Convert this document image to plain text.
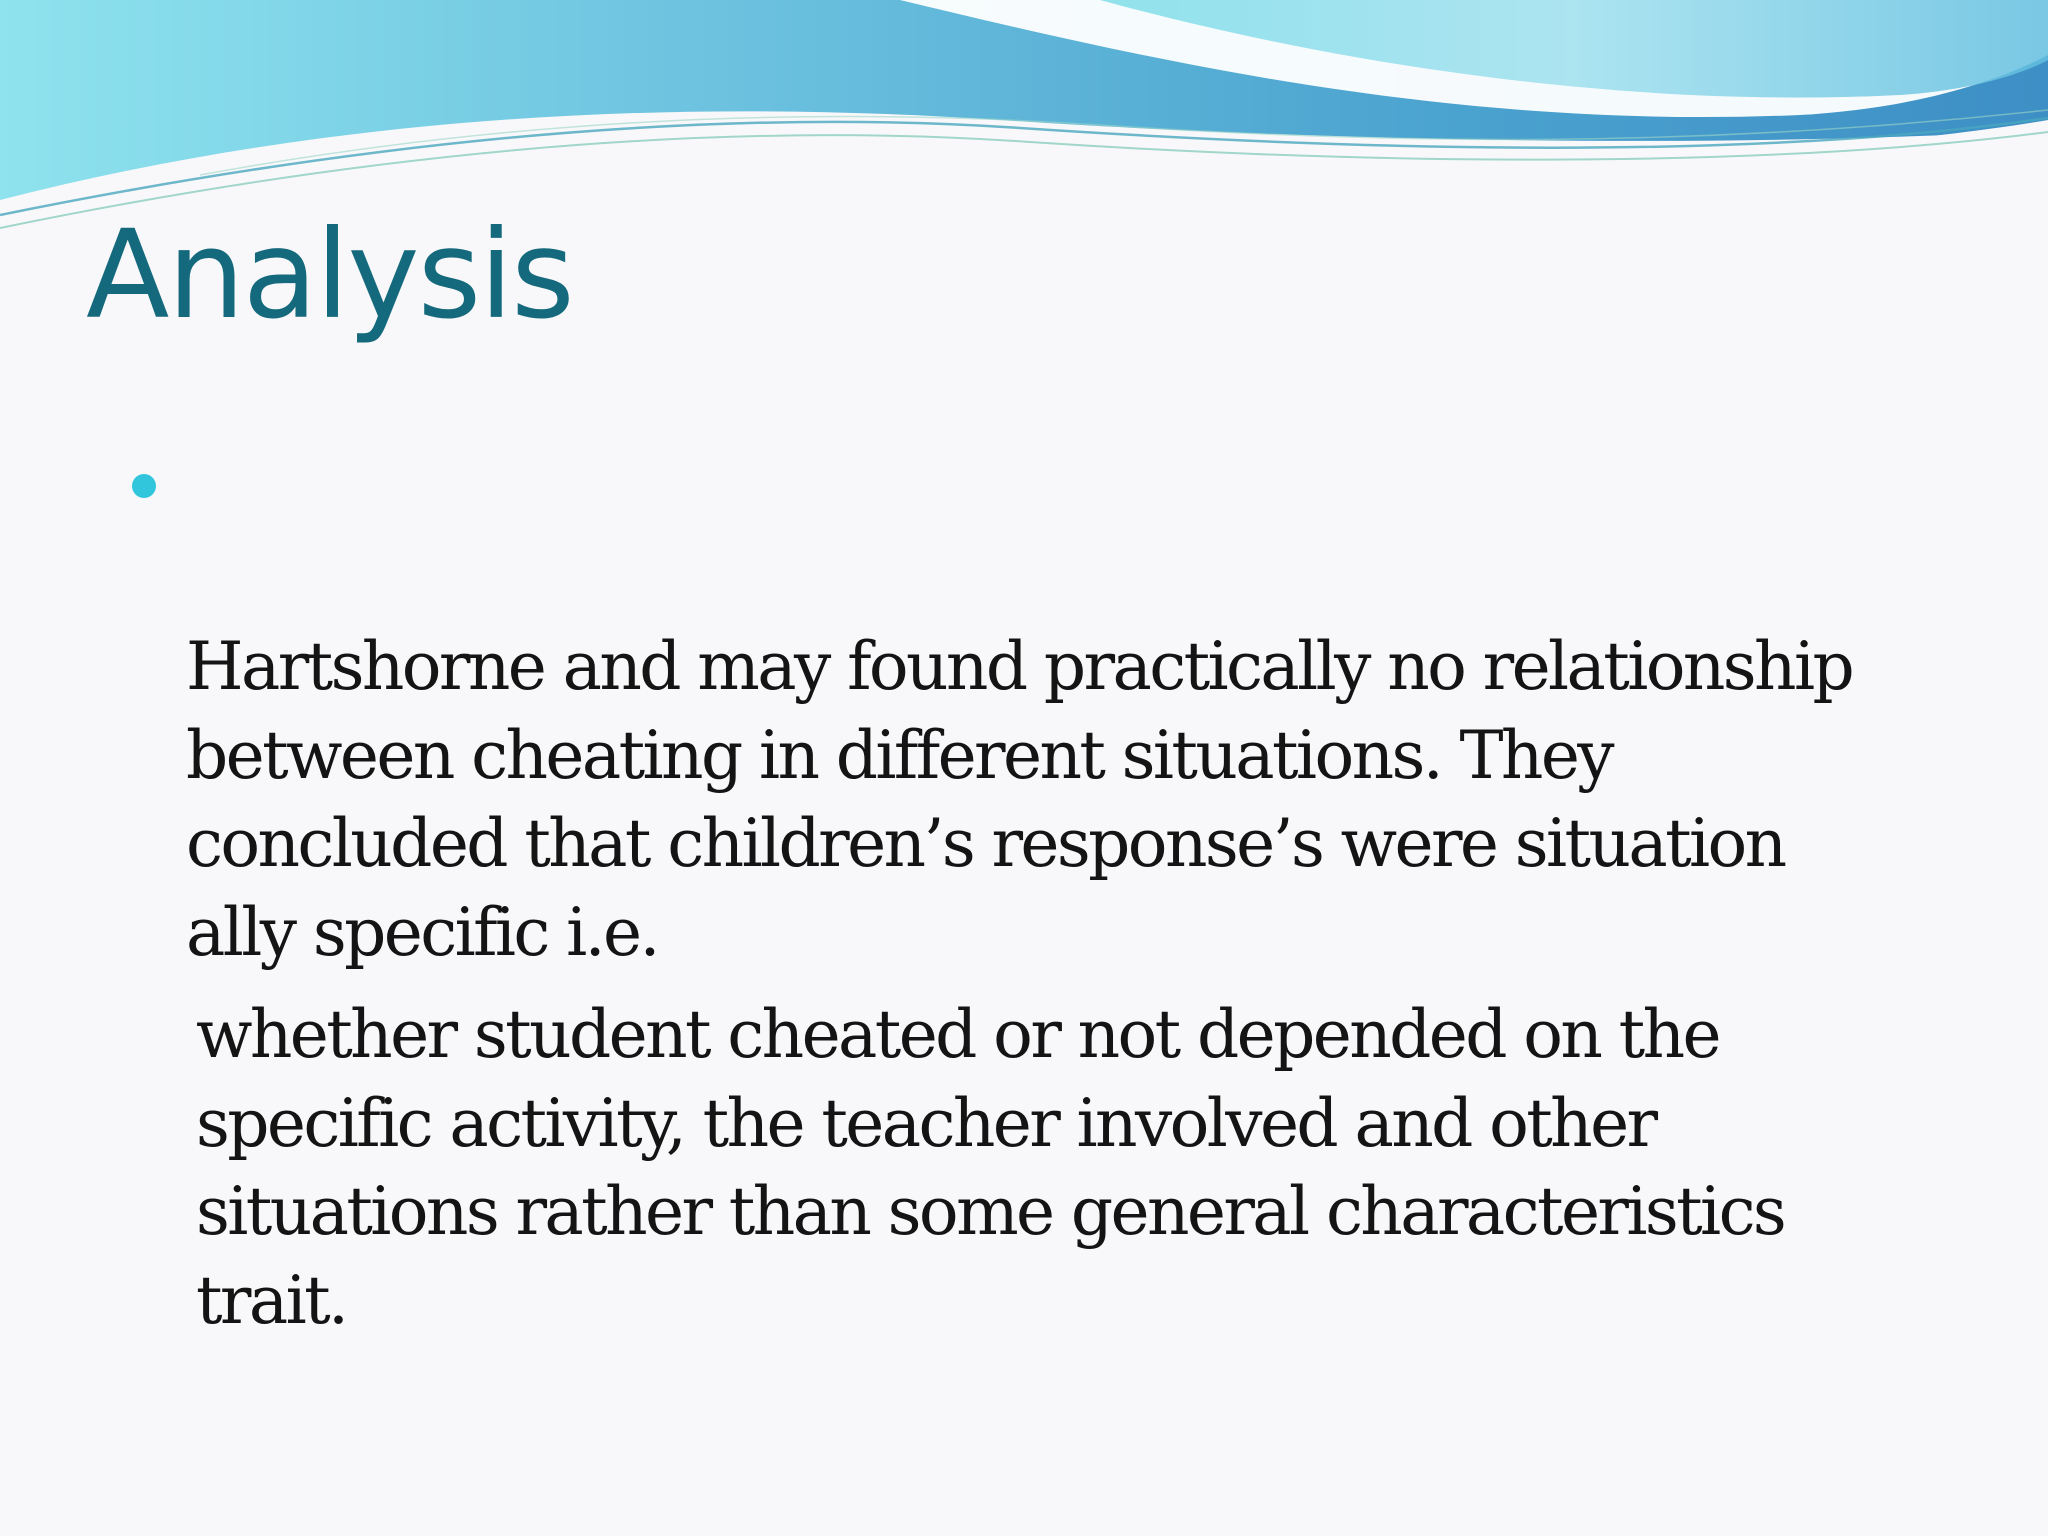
Analysis

Hartshorne and may found practically no relationship
between cheating in different situations. They
concluded that children’s response’s were situation
ally specific i.e.

whether student cheated or not depended on the
specific activity, the teacher involved and other
situations rather than some general characteristics
trait.
